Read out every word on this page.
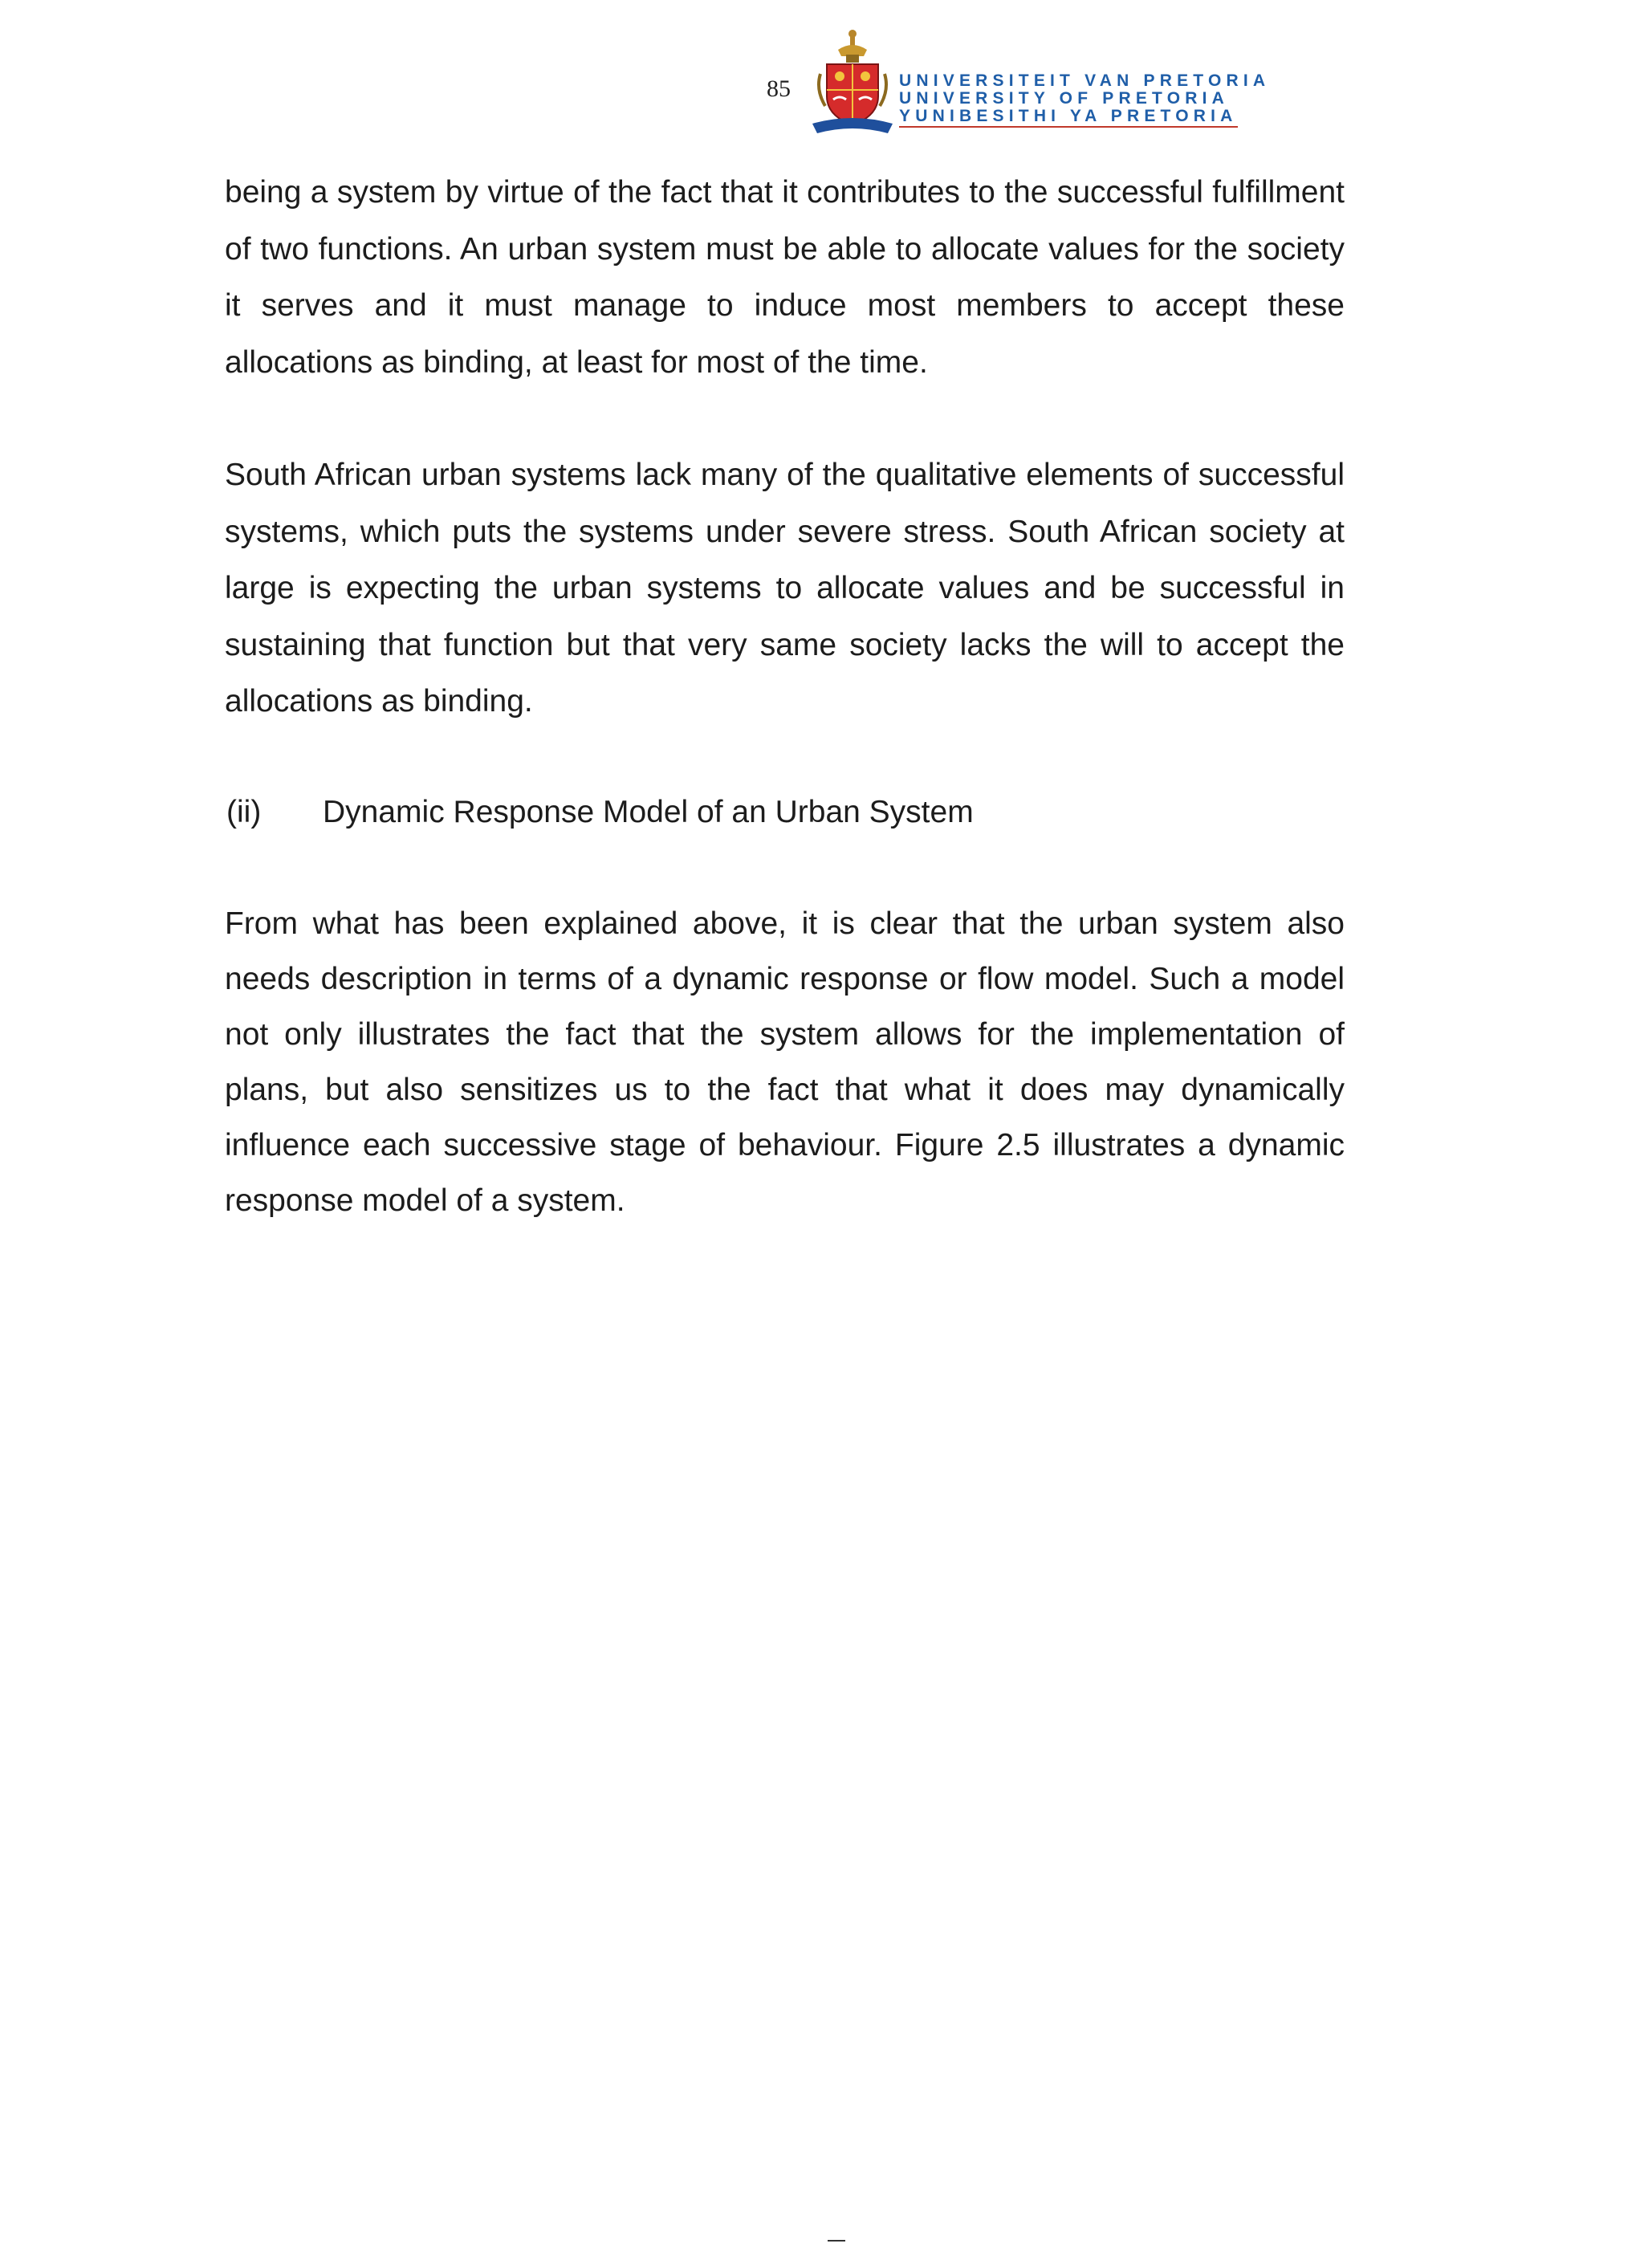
85	UNIVERSITEIT VAN PRETORIA
UNIVERSITY OF PRETORIA
YUNIBESITHI YA PRETORIA
being a system by virtue of the fact that it contributes to the successful fulfillment of two functions. An urban system must be able to allocate values for the society it serves and it must manage to induce most members to accept these allocations as binding, at least for most of the time.
South African urban systems lack many of the qualitative elements of successful systems, which puts the systems under severe stress. South African society at large is expecting the urban systems to allocate values and be successful in sustaining that function but that very same society lacks the will to accept the allocations as binding.
(ii) Dynamic Response Model of an Urban System
From what has been explained above, it is clear that the urban system also needs description in terms of a dynamic response or flow model. Such a model not only illustrates the fact that the system allows for the implementation of plans, but also sensitizes us to the fact that what it does may dynamically influence each successive stage of behaviour. Figure 2.5 illustrates a dynamic response model of a system.
